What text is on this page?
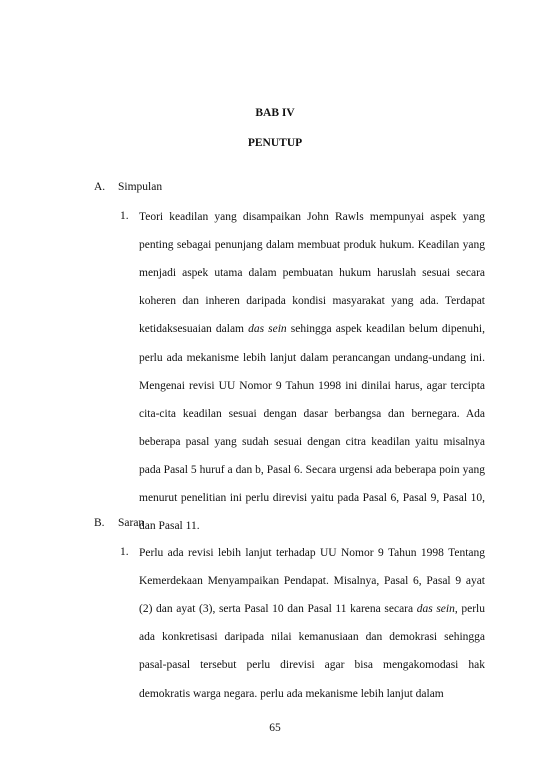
BAB IV
PENUTUP
A. Simpulan
1. Teori keadilan yang disampaikan John Rawls mempunyai aspek yang
penting sebagai penunjang dalam membuat produk hukum. Keadilan yang
menjadi aspek utama dalam pembuatan hukum haruslah sesuai secara
koheren dan inheren daripada kondisi masyarakat yang ada. Terdapat
ketidaksesuaian dalam das sein sehingga aspek keadilan belum dipenuhi,
perlu ada mekanisme lebih lanjut dalam perancangan undang-undang ini.
Mengenai revisi UU Nomor 9 Tahun 1998 ini dinilai harus, agar tercipta
cita-cita keadilan sesuai dengan dasar berbangsa dan bernegara. Ada
beberapa pasal yang sudah sesuai dengan citra keadilan yaitu misalnya
pada Pasal 5 huruf a dan b, Pasal 6. Secara urgensi ada beberapa poin yang
menurut penelitian ini perlu direvisi yaitu pada Pasal 6, Pasal 9, Pasal 10,
dan Pasal 11.
B. Saran
1. Perlu ada revisi lebih lanjut terhadap UU Nomor 9 Tahun 1998 Tentang
Kemerdekaan Menyampaikan Pendapat. Misalnya, Pasal 6, Pasal 9 ayat
(2) dan ayat (3), serta Pasal 10 dan Pasal 11 karena secara das sein, perlu
ada konkretisasi daripada nilai kemanusiaan dan demokrasi sehingga
pasal-pasal tersebut perlu direvisi agar bisa mengakomodasi hak
demokratis warga negara. perlu ada mekanisme lebih lanjut dalam
65
